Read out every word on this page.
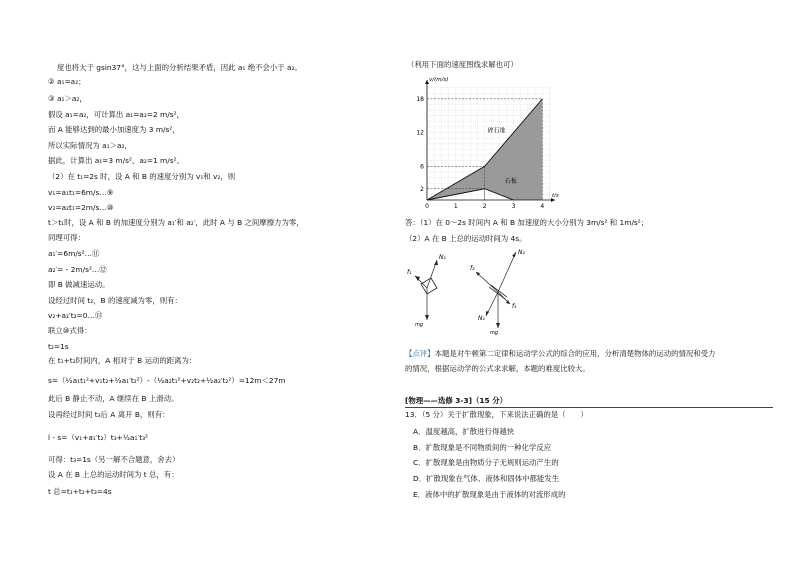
度也将大于 gsin37°，这与上面的分析结果矛盾，因此 a₁ 绝不会小于 a₂。
② a₁=a₂；
③ a₁＞a₂，
假设 a₁=a₂，可计算出 a₁=a₂=2 m/s²，
而 A 能够达到的最小加速度为 3 m/s²，
所以实际情况为 a₁＞a₂，
据此，计算出 a₁=3 m/s²，a₂=1 m/s²。
（2）在 t₁=2s 时，设 A 和 B 的速度分别为 v₁和 v₂，则
v₁=a₁t₁=6m/s…⑨
v₂=a₂t₁=2m/s…⑩
t＞t₁时，设 A 和 B 的加速度分别为 a₁′和 a₂′，此时 A 与 B 之间摩擦力为零，
同理可得：
a₁′=6m/s²…⑪
a₂′= - 2m/s²…⑫
即 B 做减速运动。
设经过时间 t₂，B 的速度减为零，则有：
v₂+a₂′t₂=0…⑬
联立⑩式得：
t₂=1s
在 t₁+t₂时间内，A 相对于 B 运动的距离为：
s=（½a₁t₁²+v₁t₂+½a₁′t₂²）-（½a₂t₁²+v₂t₂+½a₂′t₂²）=12m＜27m
此后 B 静止不动，A 继续在 B 上滑动。
设再经过时间 t₃后 A 离开 B，则有：
l - s=（v₁+a₁′t₂）t₃+½a₁′t₃²
可得：t₃=1s（另一解不合题意，舍去）
设 A 在 B 上总的运动时间为 t 总，有：
t 总=t₁+t₂+t₃=4s
（利用下面的速度图线求解也可）
2
6
12
18
0	1	2	3	4
v/(m/s)
t/s
碎石堆
石板
答：（1）在 0～2s 时间内 A 和 B 加速度的大小分别为 3m/s² 和 1m/s²；
（2）A 在 B 上总的运动时间为 4s。
N₁
f₁
mg
N₂
f₂
f₃
N₁
mg
【点评】本题是对牛顿第二定律和运动学公式的综合的应用，分析清楚物体的运动的情况和受力
的情况，根据运动学的公式求求解，本题的难度比较大。
[物理——选修 3-3]（15 分）
13．（5 分）关于扩散现象，下来说法正确的是（　　）
A．温度越高，扩散进行得越快
B．扩散现象是不同物质间的一种化学反应
C．扩散现象是由物质分子无规则运动产生的
D．扩散现象在气体、液体和固体中都能发生
E．液体中的扩散现象是由于液体的对流形成的
